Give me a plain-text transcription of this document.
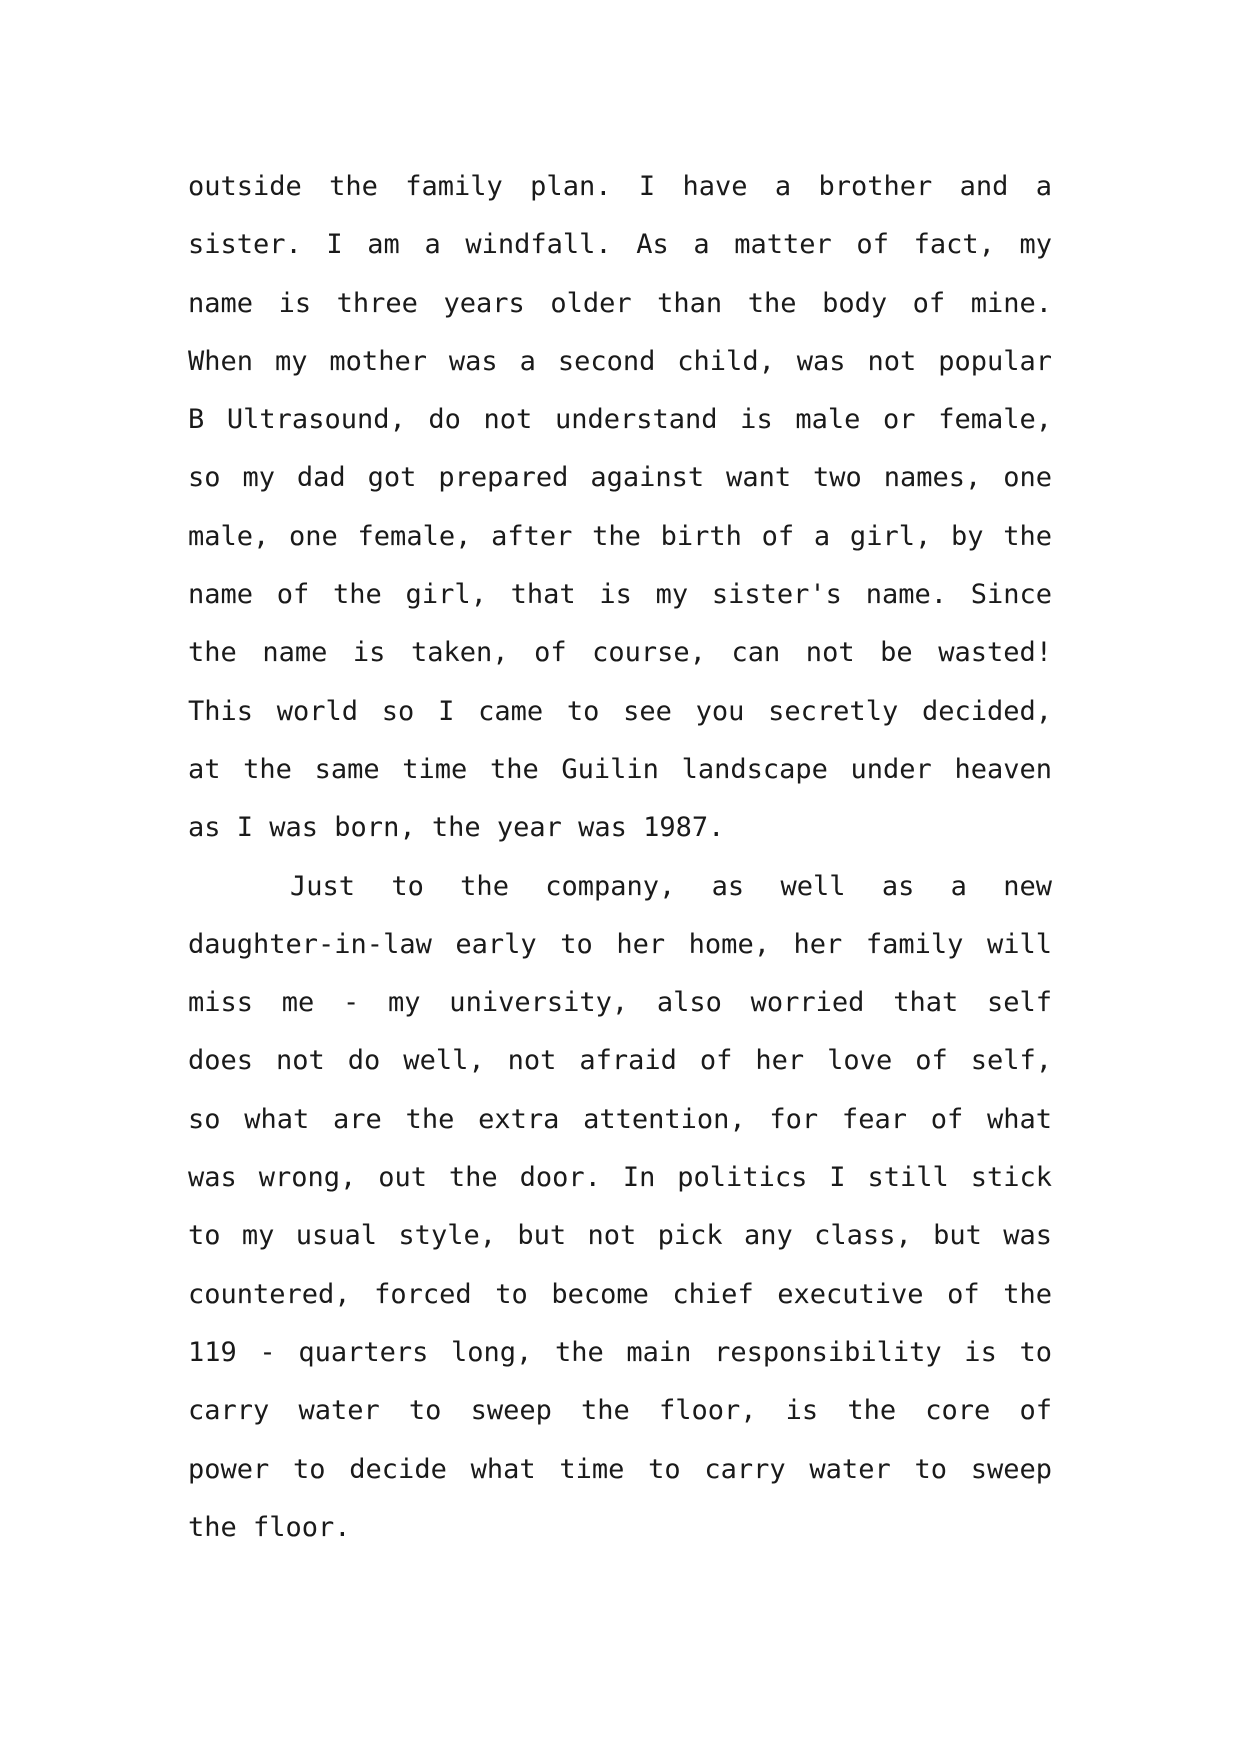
outside the family plan. I have a brother and a
sister. I am a windfall. As a matter of fact, my
name is three years older than the body of mine.
When my mother was a second child, was not popular
B Ultrasound, do not understand is male or female,
so my dad got prepared against want two names, one
male, one female, after the birth of a girl, by the
name of the girl, that is my sister's name. Since
the name is taken, of course, can not be wasted!
This world so I came to see you secretly decided,
at the same time the Guilin landscape under heaven
as I was born, the year was 1987.
Just to the company, as well as a new
daughter-in-law early to her home, her family will
miss me - my university, also worried that self
does not do well, not afraid of her love of self,
so what are the extra attention, for fear of what
was wrong, out the door. In politics I still stick
to my usual style, but not pick any class, but was
countered, forced to become chief executive of the
119 - quarters long, the main responsibility is to
carry water to sweep the floor, is the core of
power to decide what time to carry water to sweep
the floor.
